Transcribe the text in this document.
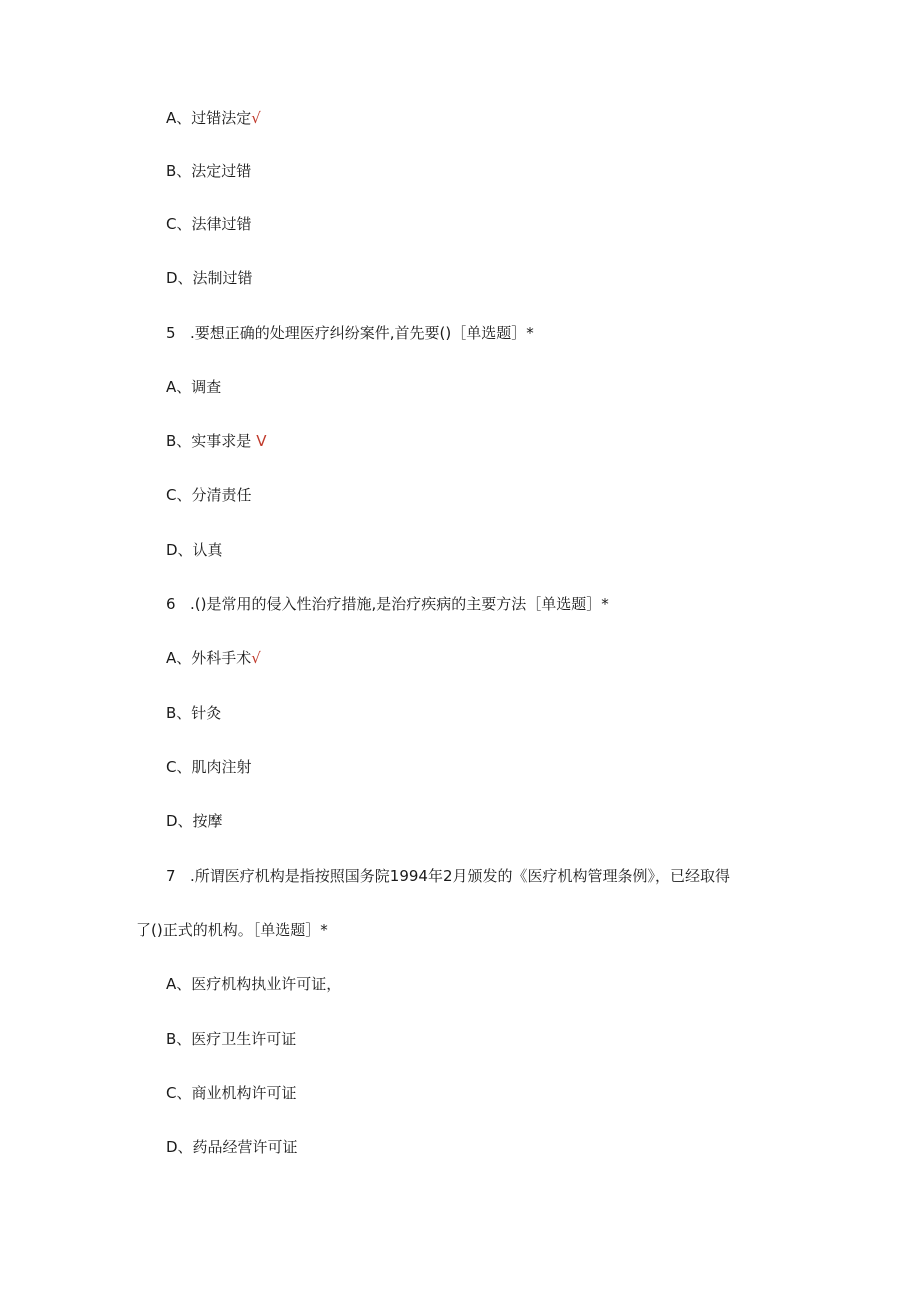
A、过错法定√
B、法定过错
C、法律过错
D、法制过错
5 .要想正确的处理医疗纠纷案件,首先要()［单选题］*
A、调查
B、实事求是 V
C、分清责任
D、认真
6 .()是常用的侵入性治疗措施,是治疗疾病的主要方法［单选题］*
A、外科手术√
B、针灸
C、肌肉注射
D、按摩
7 .所谓医疗机构是指按照国务院1994年2月颁发的《医疗机构管理条例》，已经取得
了()正式的机构。［单选题］*
A、医疗机构执业许可证，
B、医疗卫生许可证
C、商业机构许可证
D、药品经营许可证
